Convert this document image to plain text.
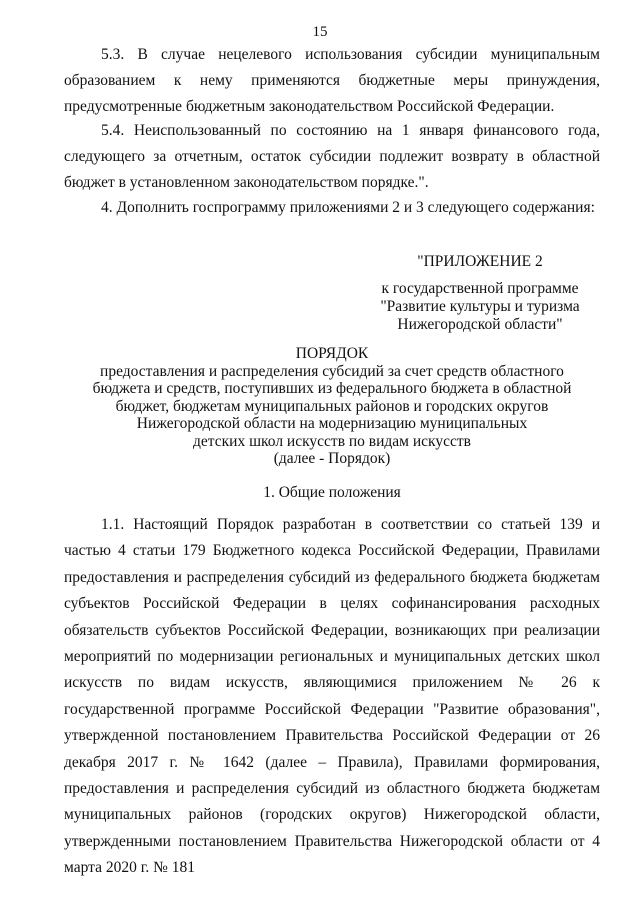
15

5.3. В случае нецелевого использования субсидии муниципальным образованием к нему применяются бюджетные меры принуждения, предусмотренные бюджетным законодательством Российской Федерации.

5.4. Неиспользованный по состоянию на 1 января финансового года, следующего за отчетным, остаток субсидии подлежит возврату в областной бюджет в установленном законодательством порядке.".

4. Дополнить госпрограмму приложениями 2 и 3 следующего содержания:

"ПРИЛОЖЕНИЕ 2
к государственной программе
"Развитие культуры и туризма
Нижегородской области"
ПОРЯДОК
предоставления и распределения субсидий за счет средств областного
бюджета и средств, поступивших из федерального бюджета в областной
бюджет, бюджетам муниципальных районов и городских округов
Нижегородской области на модернизацию муниципальных
детских школ искусств по видам искусств
(далее - Порядок)
1. Общие положения

1.1. Настоящий Порядок разработан в соответствии со статьей 139 и частью 4 статьи 179 Бюджетного кодекса Российской Федерации, Правилами предоставления и распределения субсидий из федерального бюджета бюджетам субъектов Российской Федерации в целях софинансирования расходных обязательств субъектов Российской Федерации, возникающих при реализации мероприятий по модернизации региональных и муниципальных детских школ искусств по видам искусств, являющимися приложением № 26 к государственной программе Российской Федерации "Развитие образования", утвержденной постановлением Правительства Российской Федерации от 26 декабря 2017 г. № 1642 (далее – Правила), Правилами формирования, предоставления и распределения субсидий из областного бюджета бюджетам муниципальных районов (городских округов) Нижегородской области, утвержденными постановлением Правительства Нижегородской области от 4 марта 2020 г. № 181
